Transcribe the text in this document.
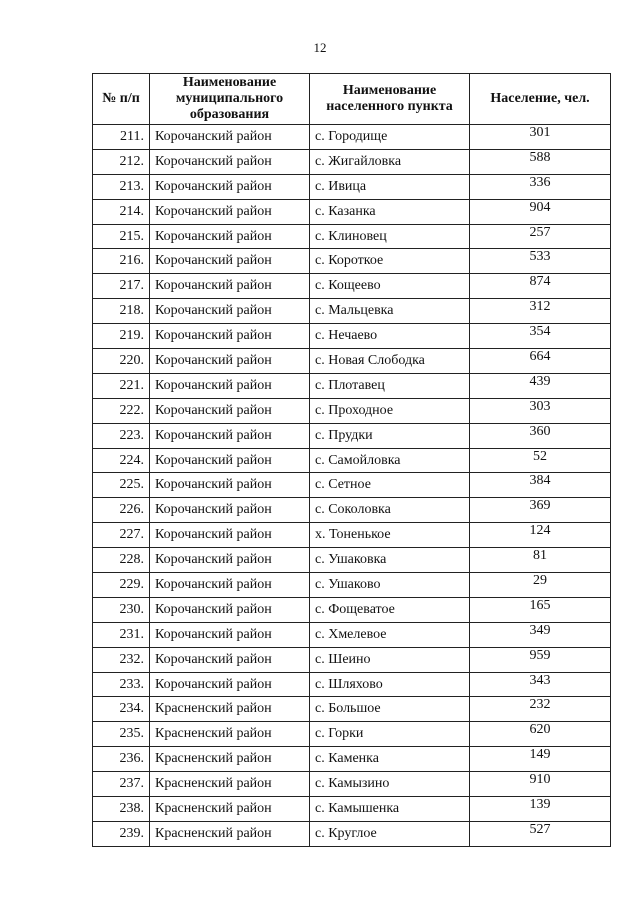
12
№ п/п	Наименование муниципального образования	Наименование населенного пункта	Население, чел.
211.	Корочанский район	с. Городище	301
212.	Корочанский район	с. Жигайловка	588
213.	Корочанский район	с. Ивица	336
214.	Корочанский район	с. Казанка	904
215.	Корочанский район	с. Клиновец	257
216.	Корочанский район	с. Короткое	533
217.	Корочанский район	с. Кощеево	874
218.	Корочанский район	с. Мальцевка	312
219.	Корочанский район	с. Нечаево	354
220.	Корочанский район	с. Новая Слободка	664
221.	Корочанский район	с. Плотавец	439
222.	Корочанский район	с. Проходное	303
223.	Корочанский район	с. Прудки	360
224.	Корочанский район	с. Самойловка	52
225.	Корочанский район	с. Сетное	384
226.	Корочанский район	с. Соколовка	369
227.	Корочанский район	х. Тоненькое	124
228.	Корочанский район	с. Ушаковка	81
229.	Корочанский район	с. Ушаково	29
230.	Корочанский район	с. Фощеватое	165
231.	Корочанский район	с. Хмелевое	349
232.	Корочанский район	с. Шеино	959
233.	Корочанский район	с. Шляхово	343
234.	Красненский район	с. Большое	232
235.	Красненский район	с. Горки	620
236.	Красненский район	с. Каменка	149
237.	Красненский район	с. Камызино	910
238.	Красненский район	с. Камышенка	139
239.	Красненский район	с. Круглое	527
